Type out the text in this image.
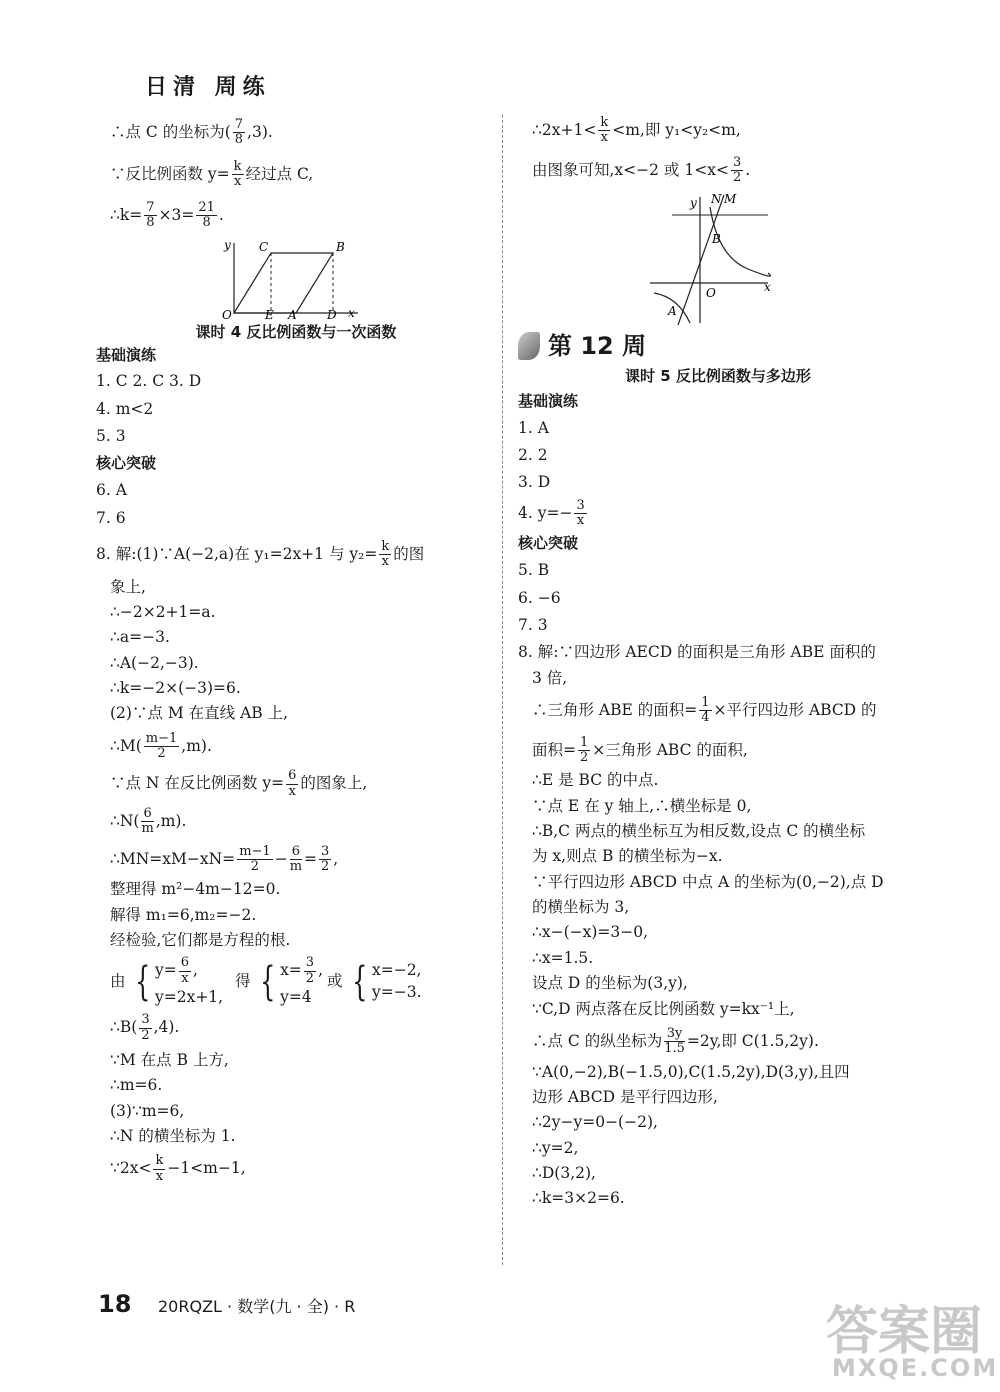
日清 周练

∴点 C 的坐标为( $\frac{7}{8} ,3$).

∵反比例函数 $y= \frac{k}{x}$ 经过点 C,

∴k= $\frac{7}{8} \times 3= \frac{21}{8}$ .

y
x
O	E A	D
C	B

课时 4 反比例函数与一次函数

基础演练

1. C 2. C 3. D

4. m<2

5. 3

核心突破

6. A

7. 6

8. 解:(1)∵A(−2,a)在 y₁=2x+1 与 $y_2= \frac{k}{x}$ 的图

象上,

∴−2×2+1=a.

∴a=−3.

∴A(−2,−3).

∴k=−2×(−3)=6.

(2)∵点 M 在直线 AB 上,

∴M( $\frac{m-1}{2} ,m$).

∵点 N 在反比例函数 $y= \frac{6}{x}$ 的图象上,

∴N( $\frac{6}{m} ,m$).

∴MN=xM−xN= $\frac{m-1}{2} - \frac{6}{m} = \frac{3}{2}$ ,

整理得 m²−4m−12=0.

解得 m₁=6,m₂=−2.

经检验,它们都是方程的根.

由 { $y= \frac{6}{x}$ ,
y=2x+1,
得 { $x= \frac{3}{2}$ ,
y=4
或 { x=−2,
y=−3.

∴B( $\frac{3}{2} ,4$).

∵M 在点 B 上方,

∴m=6.

(3)∵m=6,

∴N 的横坐标为 1.

∵2x< $\frac{k}{x} -1<m-1$,

∴2x+1< $\frac{k}{x} <m$,即 y₁<y₂<m,

由图象可知,x<−2 或 $1<x< \frac{3}{2}$ .

y
x
O
N M
B
A
第 12 周

课时 5 反比例函数与多边形

基础演练

1. A

2. 2

3. D

4. $y=- \frac{3}{x}$

核心突破

5. B

6. −6

7. 3

8. 解:∵四边形 AECD 的面积是三角形 ABE 面积的

3 倍,

∴三角形 ABE 的面积= $\frac{1}{4}$ ×平行四边形 ABCD 的

面积= $\frac{1}{2}$ ×三角形 ABC 的面积,

∴E 是 BC 的中点.

∵点 E 在 y 轴上,∴横坐标是 0,

∴B,C 两点的横坐标互为相反数,设点 C 的横坐标

为 x,则点 B 的横坐标为−x.

∵平行四边形 ABCD 中点 A 的坐标为(0,−2),点 D

的横坐标为 3,

∴x−(−x)=3−0,

∴x=1.5.

设点 D 的坐标为(3,y),

∵C,D 两点落在反比例函数 y=kx⁻¹上,

∴点 C 的纵坐标为 $\frac{3y}{1.5} =2y$,即 C(1.5,2y).

∵A(0,−2),B(−1.5,0),C(1.5,2y),D(3,y),且四

边形 ABCD 是平行四边形,

∴2y−y=0−(−2),

∴y=2,

∴D(3,2),

∴k=3×2=6.

18 20RQZL · 数学(九 · 全) · R	答案圈
MXQE.COM
